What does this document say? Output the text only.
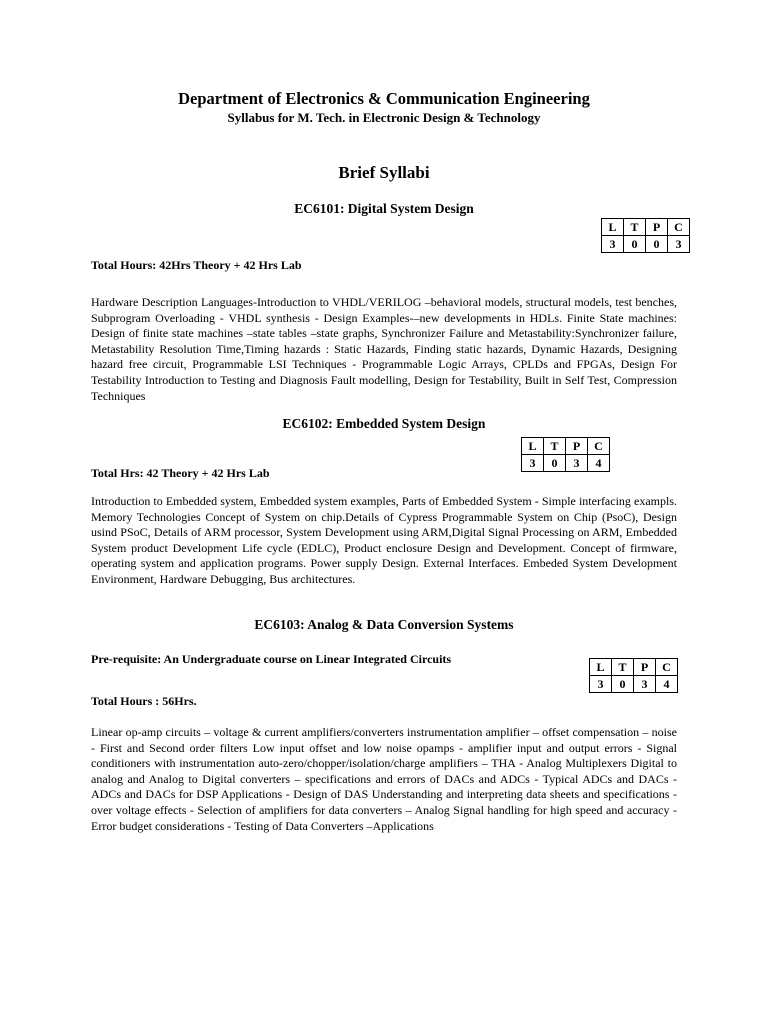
Department of Electronics & Communication Engineering
Syllabus for M. Tech. in Electronic Design & Technology
Brief Syllabi
EC6101: Digital System Design
L	T	P	C
3	0	0	3
Total Hours: 42Hrs Theory + 42 Hrs Lab
Hardware Description Languages-Introduction to VHDL/VERILOG –behavioral models, structural models, test benches, Subprogram Overloading - VHDL synthesis - Design Examples-–new developments in HDLs. Finite State machines: Design of finite state machines –state tables –state graphs, Synchronizer Failure and Metastability:Synchronizer failure, Metastability Resolution Time,Timing hazards : Static Hazards, Finding static hazards, Dynamic Hazards, Designing hazard free circuit, Programmable LSI Techniques - Programmable Logic Arrays, CPLDs and FPGAs, Design For Testability Introduction to Testing and Diagnosis Fault modelling, Design for Testability, Built in Self Test, Compression Techniques
EC6102: Embedded System Design
L	T	P	C
3	0	3	4
Total Hrs: 42 Theory + 42 Hrs Lab
Introduction to Embedded system, Embedded system examples, Parts of Embedded System - Simple interfacing exampls. Memory Technologies Concept of System on chip.Details of Cypress Programmable System on Chip (PsoC), Design usind PSoC, Details of ARM processor, System Development using ARM,Digital Signal Processing on ARM, Embedded System product Development Life cycle (EDLC), Product enclosure Design and Development. Concept of firmware, operating system and application programs. Power supply Design. External Interfaces. Embeded System Development Environment, Hardware Debugging, Bus architectures.
EC6103: Analog & Data Conversion Systems
Pre-requisite: An Undergraduate course on Linear Integrated Circuits
L	T	P	C
3	0	3	4
Total Hours : 56Hrs.
Linear op-amp circuits – voltage & current amplifiers/converters instrumentation amplifier – offset compensation – noise - First and Second order filters Low input offset and low noise opamps - amplifier input and output errors - Signal conditioners with instrumentation auto-zero/chopper/isolation/charge amplifiers – THA - Analog Multiplexers Digital to analog and Analog to Digital converters – specifications and errors of DACs and ADCs - Typical ADCs and DACs -ADCs and DACs for DSP Applications - Design of DAS Understanding and interpreting data sheets and specifications - over voltage effects - Selection of amplifiers for data converters – Analog Signal handling for high speed and accuracy - Error budget considerations - Testing of Data Converters –Applications
